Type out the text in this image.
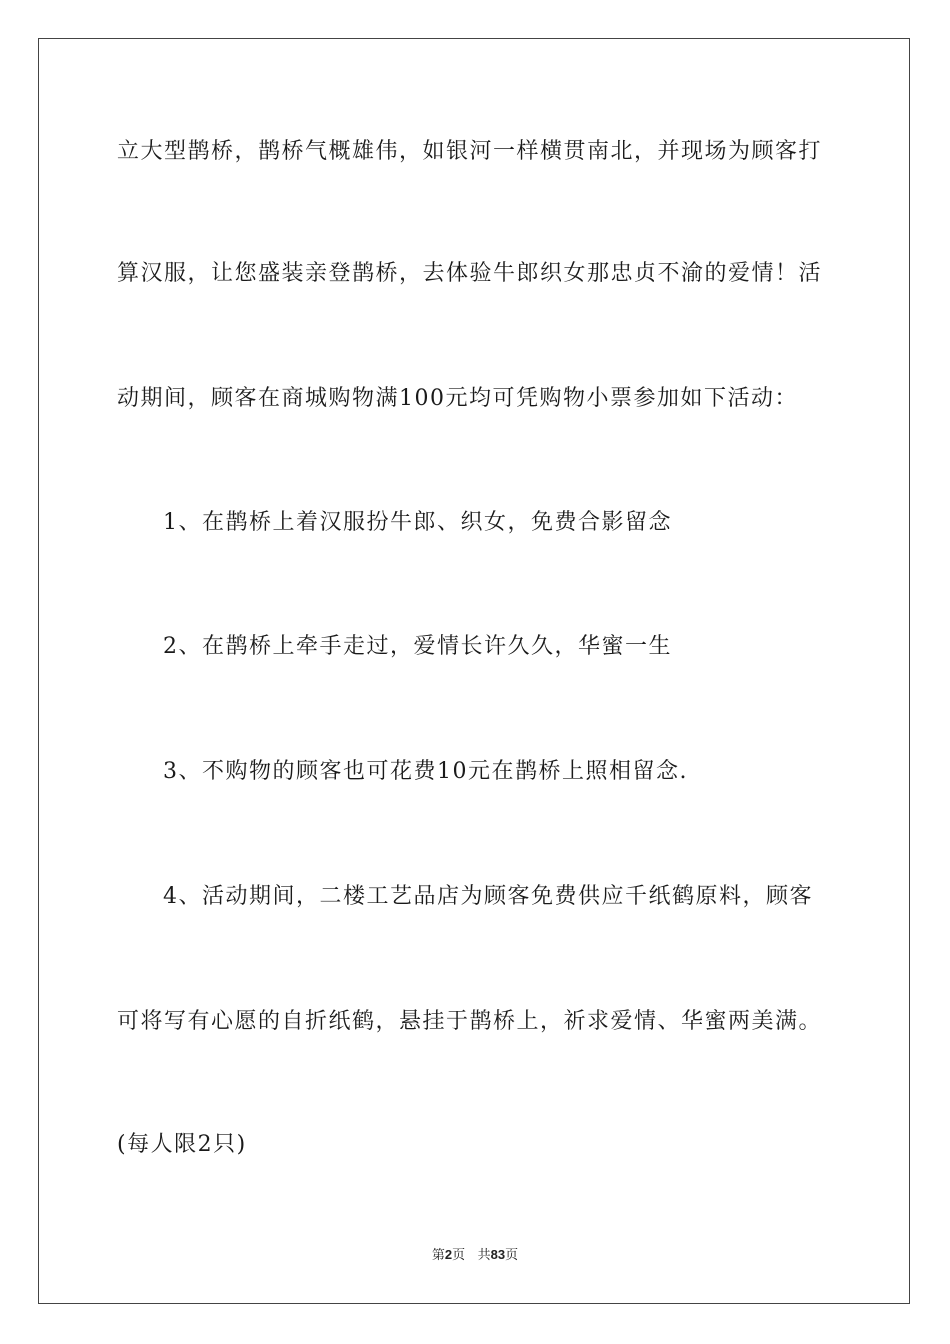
立大型鹊桥，鹊桥气概雄伟，如银河一样横贯南北，并现场为顾客打
算汉服，让您盛装亲登鹊桥，去体验牛郎织女那忠贞不渝的爱情！活
动期间，顾客在商城购物满100元均可凭购物小票参加如下活动：
1、在鹊桥上着汉服扮牛郎、织女，免费合影留念
2、在鹊桥上牵手走过，爱情长许久久，华蜜一生
3、不购物的顾客也可花费10元在鹊桥上照相留念.
4、活动期间，二楼工艺品店为顾客免费供应千纸鹤原料，顾客
可将写有心愿的自折纸鹤，悬挂于鹊桥上，祈求爱情、华蜜两美满。
(每人限2只)
第2页 共83页
